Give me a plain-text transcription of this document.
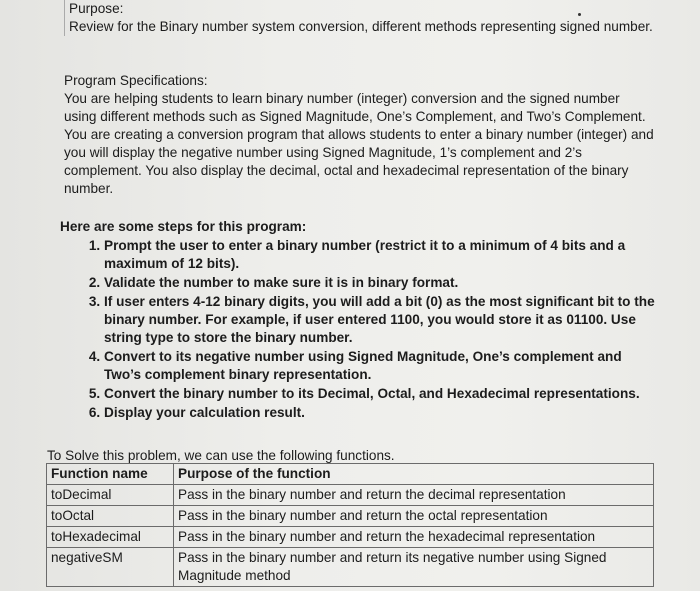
Purpose:
Review for the Binary number system conversion, different methods representing signed number.

Program Specifications:

You are helping students to learn binary number (integer) conversion and the signed number using different methods such as Signed Magnitude, One’s Complement, and Two’s Complement. You are creating a conversion program that allows students to enter a binary number (integer) and you will display the negative number using Signed Magnitude, 1’s complement and 2’s complement. You also display the decimal, octal and hexadecimal representation of the binary number.

Here are some steps for this program:

1. Prompt the user to enter a binary number (restrict it to a minimum of 4 bits and a maximum of 12 bits).
2. Validate the number to make sure it is in binary format.
3. If user enters 4-12 binary digits, you will add a bit (0) as the most significant bit to the binary number. For example, if user entered 1100, you would store it as 01100. Use string type to store the binary number.
4. Convert to its negative number using Signed Magnitude, One’s complement and Two’s complement binary representation.
5. Convert the binary number to its Decimal, Octal, and Hexadecimal representations.
6. Display your calculation result.
To Solve this problem, we can use the following functions.
Function name	Purpose of the function
toDecimal	Pass in the binary number and return the decimal representation
toOctal	Pass in the binary number and return the octal representation
toHexadecimal	Pass in the binary number and return the hexadecimal representation
negativeSM	Pass in the binary number and return its negative number using Signed Magnitude method
